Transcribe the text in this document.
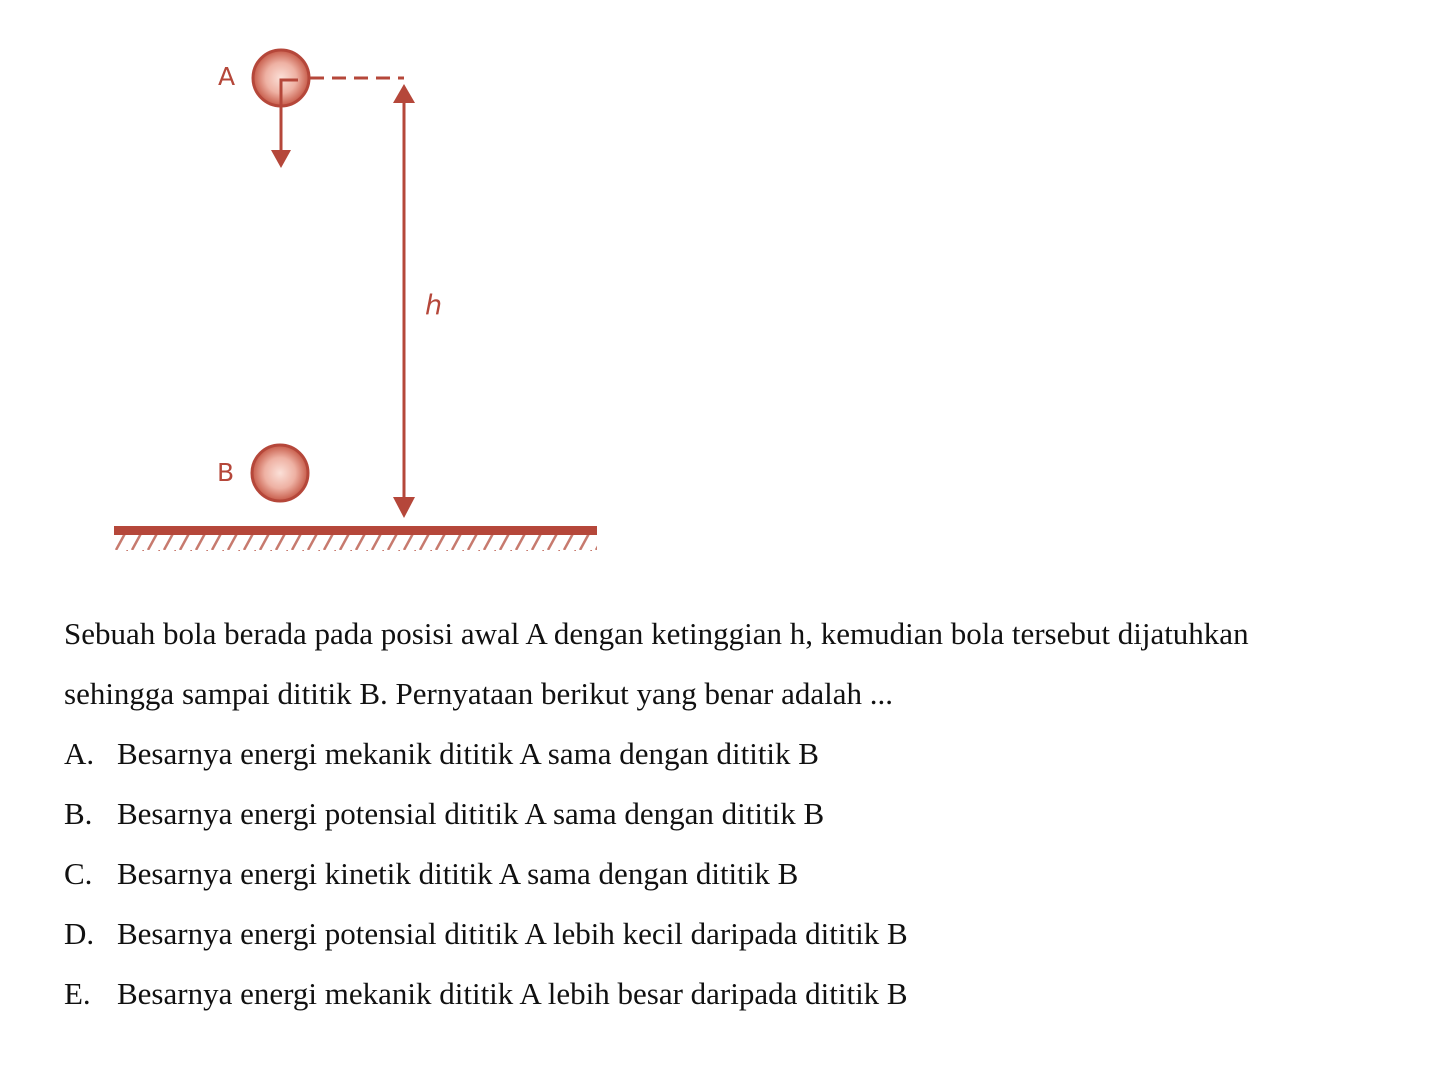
A
h
B

Sebuah bola berada pada posisi awal A dengan ketinggian h, kemudian bola tersebut dijatuhkan

sehingga sampai dititik B. Pernyataan berikut yang benar adalah ...

A. Besarnya energi mekanik dititik A sama dengan dititik B
B. Besarnya energi potensial dititik A sama dengan dititik B
C. Besarnya energi kinetik dititik A sama dengan dititik B
D. Besarnya energi potensial dititik A lebih kecil daripada dititik B
E. Besarnya energi mekanik dititik A lebih besar daripada dititik B
